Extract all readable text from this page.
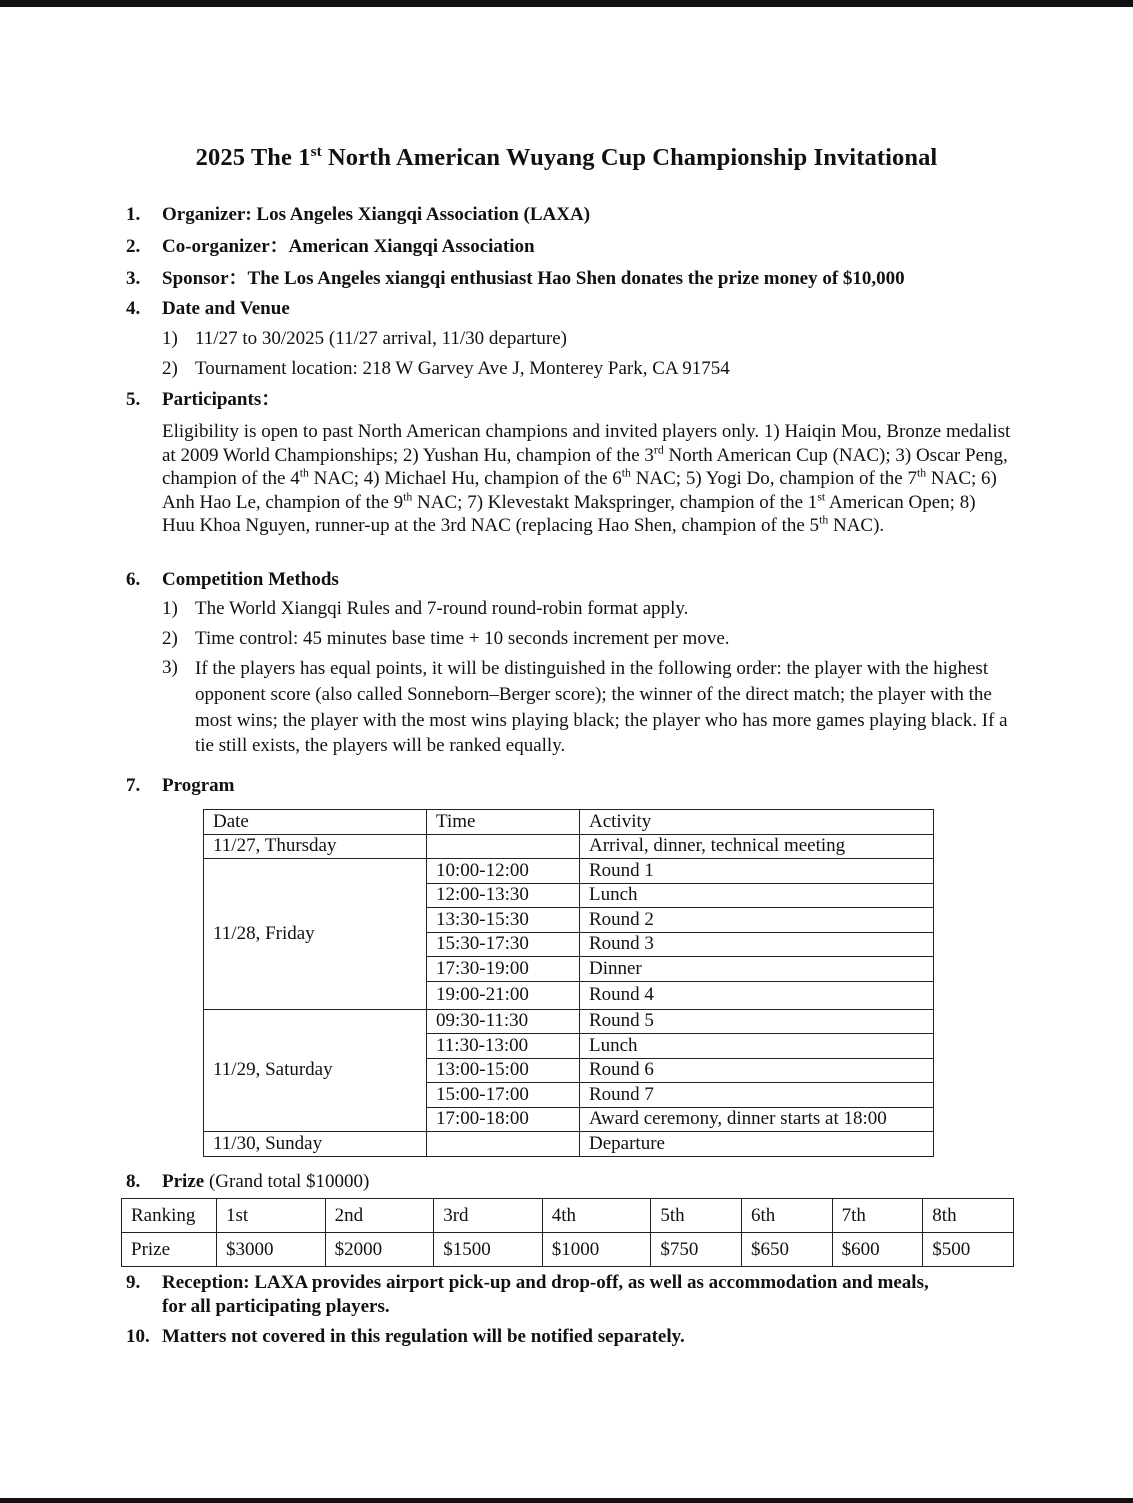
2025 The 1st North American Wuyang Cup Championship Invitational
1. Organizer: Los Angeles Xiangqi Association (LAXA)
2. Co-organizer：American Xiangqi Association
3. Sponsor：The Los Angeles xiangqi enthusiast Hao Shen donates the prize money of $10,000
4. Date and Venue
1) 11/27 to 30/2025 (11/27 arrival, 11/30 departure)
2) Tournament location: 218 W Garvey Ave J, Monterey Park, CA 91754
5. Participants：
Eligibility is open to past North American champions and invited players only. 1) Haiqin Mou, Bronze medalist at 2009 World Championships; 2) Yushan Hu, champion of the 3rd North American Cup (NAC); 3) Oscar Peng, champion of the 4th NAC; 4) Michael Hu, champion of the 6th NAC; 5) Yogi Do, champion of the 7th NAC; 6) Anh Hao Le, champion of the 9th NAC; 7) Klevestakt Makspringer, champion of the 1st American Open; 8) Huu Khoa Nguyen, runner-up at the 3rd NAC (replacing Hao Shen, champion of the 5th NAC).
6. Competition Methods
1) The World Xiangqi Rules and 7-round round-robin format apply.
2) Time control: 45 minutes base time + 10 seconds increment per move.
3) If the players has equal points, it will be distinguished in the following order: the player with the highest opponent score (also called Sonneborn–Berger score); the winner of the direct match; the player with the most wins; the player with the most wins playing black; the player who has more games playing black. If a tie still exists, the players will be ranked equally.
7. Program
Date	Time	Activity
11/27, Thursday		Arrival, dinner, technical meeting
11/28, Friday	10:00-12:00	Round 1
	12:00-13:30	Lunch
	13:30-15:30	Round 2
	15:30-17:30	Round 3
	17:30-19:00	Dinner
	19:00-21:00	Round 4
11/29, Saturday	09:30-11:30	Round 5
	11:30-13:00	Lunch
	13:00-15:00	Round 6
	15:00-17:00	Round 7
	17:00-18:00	Award ceremony, dinner starts at 18:00
11/30, Sunday		Departure
8. Prize (Grand total $10000)
Ranking	1st	2nd	3rd	4th	5th	6th	7th	8th
Prize	$3000	$2000	$1500	$1000	$750	$650	$600	$500
9. Reception: LAXA provides airport pick-up and drop-off, as well as accommodation and meals,
for all participating players.
10. Matters not covered in this regulation will be notified separately.
